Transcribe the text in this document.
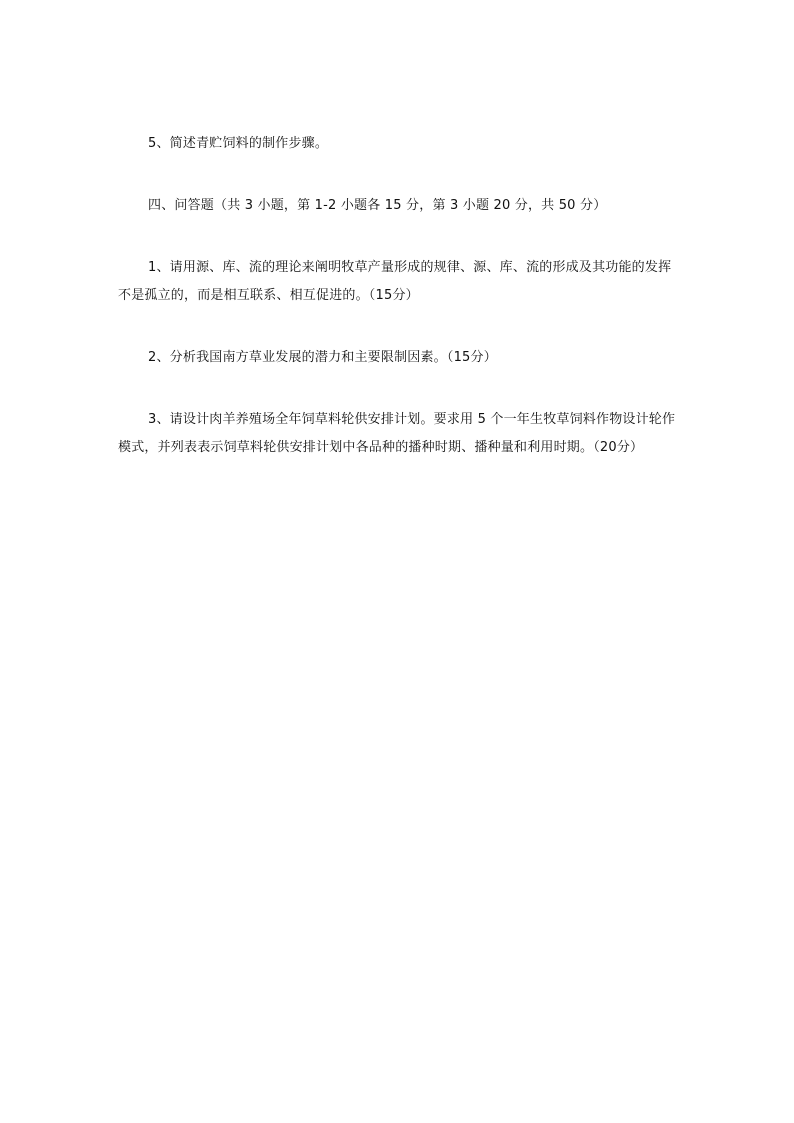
5、简述青贮饲料的制作步骤。

四、问答题（共 3 小题，第 1-2 小题各 15 分，第 3 小题 20 分，共 50 分）

1、请用源、库、流的理论来阐明牧草产量形成的规律、源、库、流的形成及其功能的发挥不是孤立的，而是相互联系、相互促进的。（15分）

2、分析我国南方草业发展的潜力和主要限制因素。（15分）

3、请设计肉羊养殖场全年饲草料轮供安排计划。要求用 5 个一年生牧草饲料作物设计轮作模式，并列表表示饲草料轮供安排计划中各品种的播种时期、播种量和利用时期。（20分）
